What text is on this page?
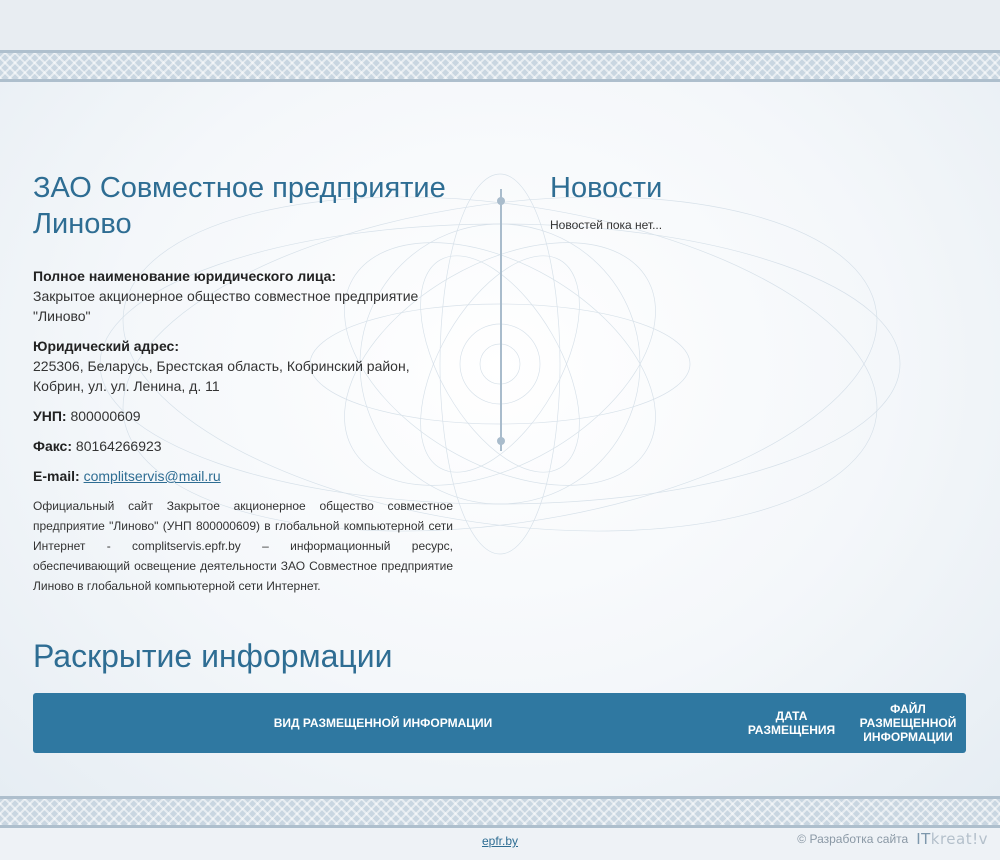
ЗАО Совместное предприятие Линово

Полное наименование юридического лица:
Закрытое акционерное общество совместное предприятие "Линово"

Юридический адрес:
225306, Беларусь, Брестская область, Кобринский район, Кобрин, ул. ул. Ленина, д. 11

УНП: 800000609

Факс: 80164266923

E-mail: complitservis@mail.ru

Официальный сайт Закрытое акционерное общество совместное предприятие "Линово" (УНП 800000609) в глобальной компьютерной сети Интернет - complitservis.epfr.by – информационный ресурс, обеспечивающий освещение деятельности ЗАО Совместное предприятие Линово в глобальной компьютерной сети Интернет.

Новости

Новостей пока нет...

Раскрытие информации
ВИД РАЗМЕЩЕННОЙ ИНФОРМАЦИИ	ДАТА РАЗМЕЩЕНИЯ
ФАЙЛ РАЗМЕЩЕННОЙ ИНФОРМАЦИИ
epfr.by	© Разработка сайта ITkreat!v
